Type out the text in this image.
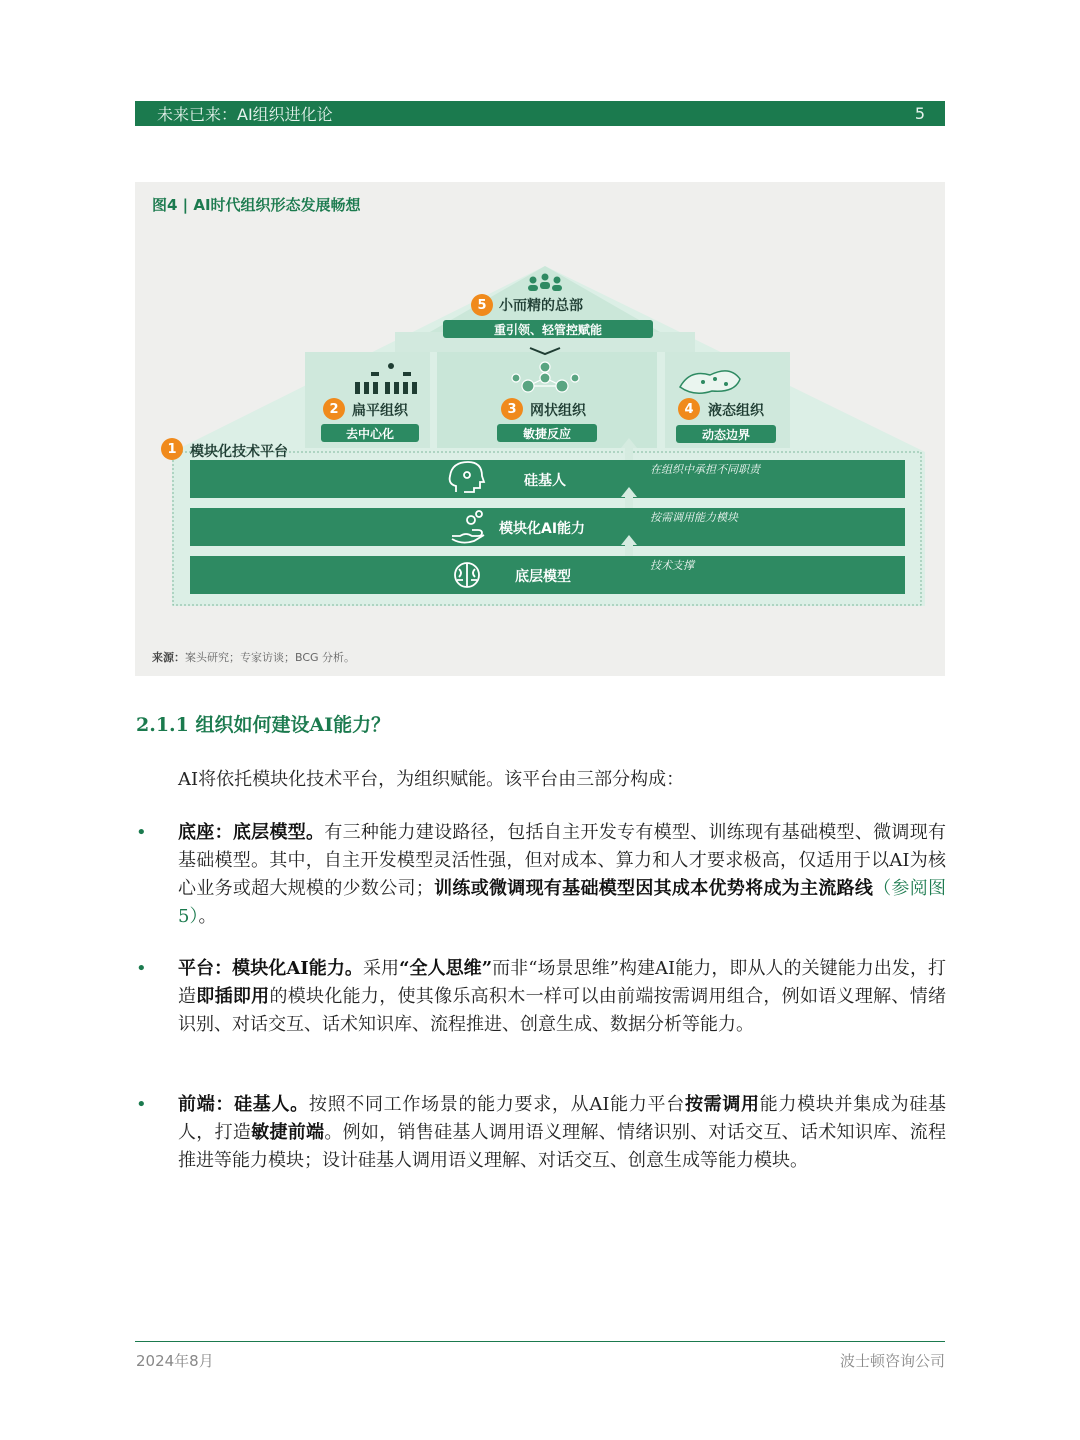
未来已来：AI组织进化论	5
图4 | AI时代组织形态发展畅想
5 小而精的总部
重引领、轻管控赋能
2 扁平组织
去中心化
3 网状组织
敏捷反应
4	液态组织
动态边界
1 模块化技术平台
硅基人
在组织中承担不同职责
模块化AI能力
按需调用能力模块
底层模型
技术支撑
来源：案头研究；专家访谈；BCG 分析。
2.1.1 组织如何建设AI能力？
AI将依托模块化技术平台，为组织赋能。该平台由三部分构成：
• 底座：底层模型。有三种能力建设路径，包括自主开发专有模型、训练现有基础模型、微调现有基础模型。其中，自主开发模型灵活性强，但对成本、算力和人才要求极高，仅适用于以AI为核心业务或超大规模的少数公司；训练或微调现有基础模型因其成本优势将成为主流路线（参阅图5）。
• 平台：模块化AI能力。采用“全人思维”而非“场景思维”构建AI能力，即从人的关键能力出发，打造即插即用的模块化能力，使其像乐高积木一样可以由前端按需调用组合，例如语义理解、情绪识别、对话交互、话术知识库、流程推进、创意生成、数据分析等能力。
• 前端：硅基人。按照不同工作场景的能力要求，从AI能力平台按需调用能力模块并集成为硅基人，打造敏捷前端。例如，销售硅基人调用语义理解、情绪识别、对话交互、话术知识库、流程推进等能力模块；设计硅基人调用语义理解、对话交互、创意生成等能力模块。
2024年8月	波士顿咨询公司
